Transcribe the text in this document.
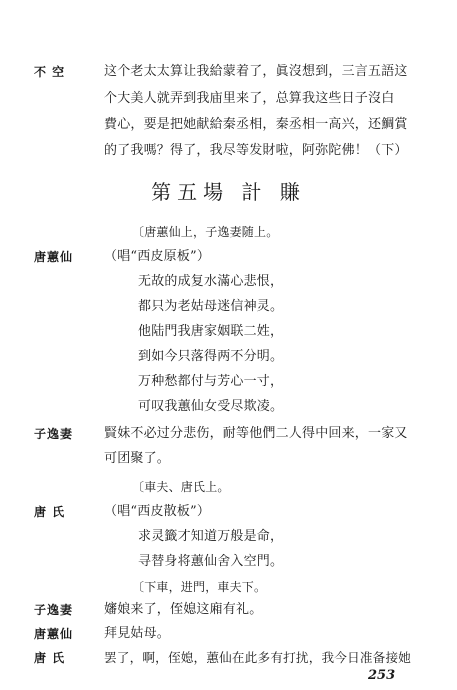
不 空	这个老太太算让我給蒙着了，眞沒想到，三言五語这
个大美人就弄到我庙里来了，总算我这些日子沒白
費心，要是把她献給秦丞相，秦丞相一高兴，还鯛賞
的了我嗎？得了，我尽等发財啦，阿弥陀佛！（下）
第五場 計 賺
〔唐蕙仙上，子逸妻随上。
唐蕙仙 （唱“西皮原板”）
无故的成复水滿心悲恨，
都只为老姑母迷信神灵。
他陆門我唐家姻联二姓，
到如今只落得两不分明。
万种愁都付与芳心一寸，
可叹我蕙仙女受尽欺凌。
子逸妻 賢妹不必过分悲伤，耐等他們二人得中回来，一家又
可团聚了。
〔車夫、唐氏上。
唐 氏	（唱“西皮散板”）
求灵籤才知道万般是命，
寻替身将蕙仙舍入空門。
〔下車，进門，車夫下。
子逸妻 嬸娘来了，侄媳这廂有礼。
唐蕙仙 拜見姑母。
唐 氏	罢了，啊，侄媳，蕙仙在此多有打扰，我今日准备接她
253
